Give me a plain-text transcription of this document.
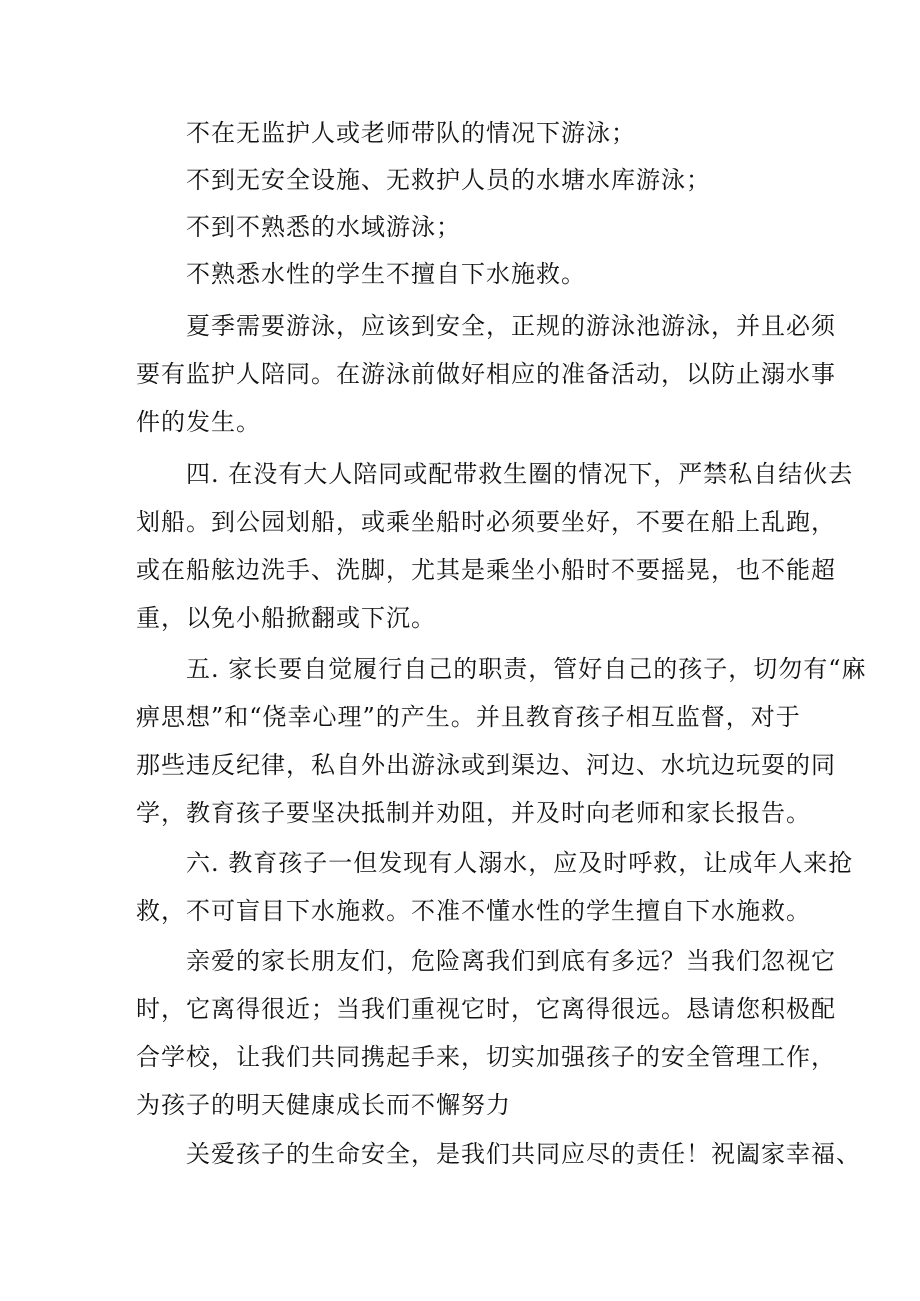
不在无监护人或老师带队的情况下游泳；
不到无安全设施、无救护人员的水塘水库游泳；
不到不熟悉的水域游泳；
不熟悉水性的学生不擅自下水施救。
夏季需要游泳，应该到安全，正规的游泳池游泳，并且必须
要有监护人陪同。在游泳前做好相应的准备活动，以防止溺水事
件的发生。
四. 在没有大人陪同或配带救生圈的情况下，严禁私自结伙去
划船。到公园划船，或乘坐船时必须要坐好，不要在船上乱跑，
或在船舷边洗手、洗脚，尤其是乘坐小船时不要摇晃，也不能超
重，以免小船掀翻或下沉。
五. 家长要自觉履行自己的职责，管好自己的孩子，切勿有“麻
痹思想”和“侥幸心理”的产生。并且教育孩子相互监督，对于
那些违反纪律，私自外出游泳或到渠边、河边、水坑边玩耍的同
学，教育孩子要坚决抵制并劝阻，并及时向老师和家长报告。
六. 教育孩子一但发现有人溺水，应及时呼救，让成年人来抢
救，不可盲目下水施救。不准不懂水性的学生擅自下水施救。
亲爱的家长朋友们，危险离我们到底有多远？当我们忽视它
时，它离得很近；当我们重视它时，它离得很远。恳请您积极配
合学校，让我们共同携起手来，切实加强孩子的安全管理工作，
为孩子的明天健康成长而不懈努力
关爱孩子的生命安全，是我们共同应尽的责任！祝阖家幸福、
